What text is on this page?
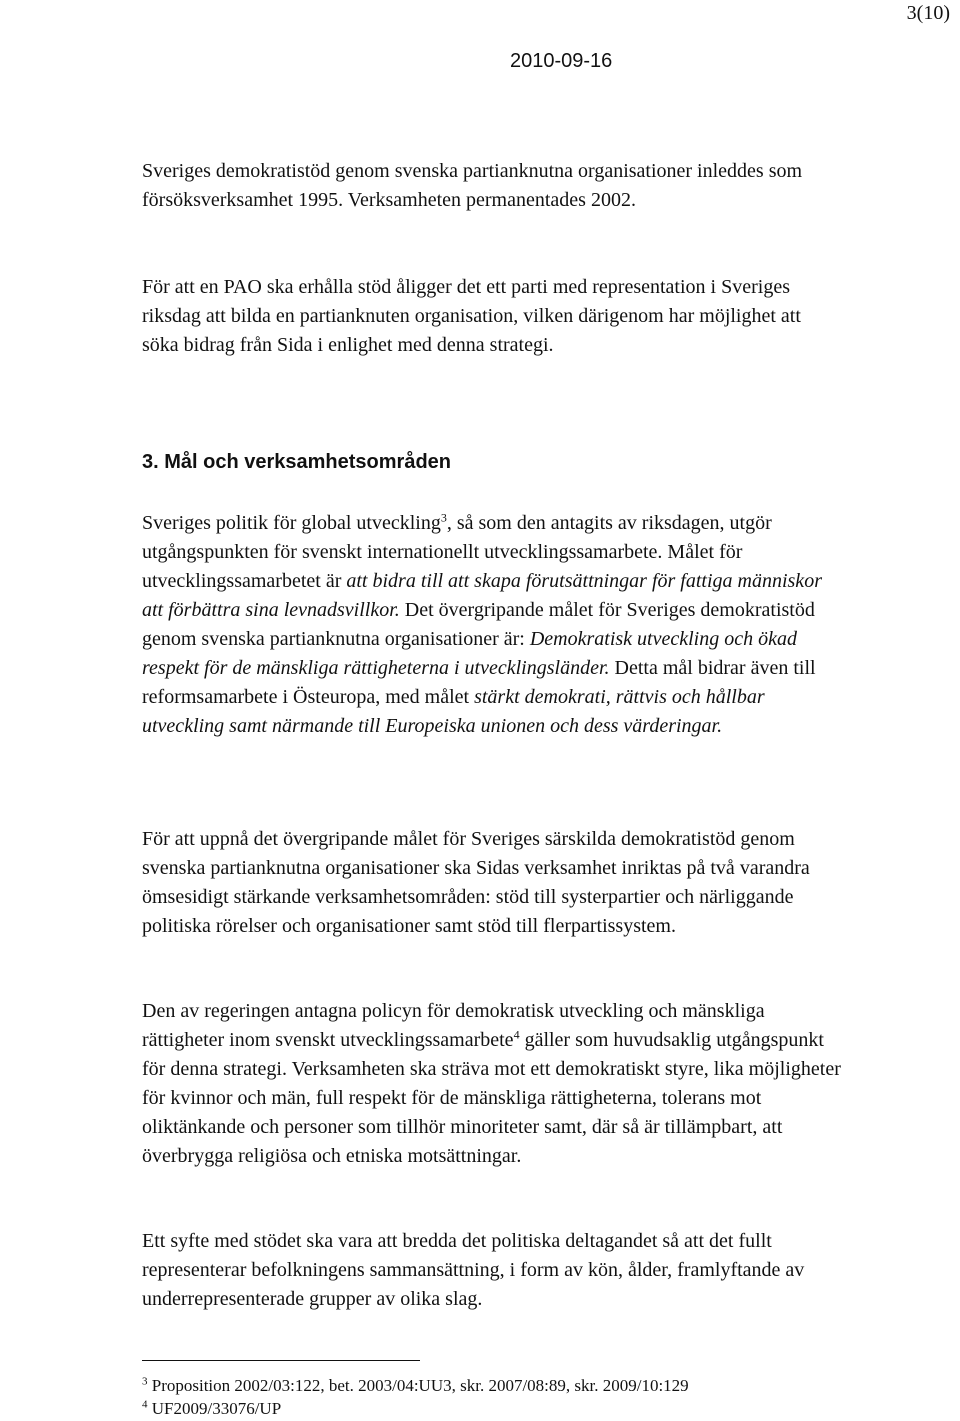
3(10)
2010-09-16

Sveriges demokratistöd genom svenska partianknutna organisationer inleddes som försöksverksamhet 1995. Verksamheten permanentades 2002.

För att en PAO ska erhålla stöd åligger det ett parti med representation i Sveriges riksdag att bilda en partianknuten organisation, vilken därigenom har möjlighet att söka bidrag från Sida i enlighet med denna strategi.

3. Mål och verksamhetsområden

Sveriges politik för global utveckling$^3$, så som den antagits av riksdagen, utgör utgångspunkten för svenskt internationellt utvecklingssamarbete. Målet för utvecklingssamarbetet är att bidra till att skapa förutsättningar för fattiga människor att förbättra sina levnadsvillkor. Det övergripande målet för Sveriges demokratistöd genom svenska partianknutna organisationer är: Demokratisk utveckling och ökad respekt för de mänskliga rättigheterna i utvecklingsländer. Detta mål bidrar även till reformsamarbete i Östeuropa, med målet stärkt demokrati, rättvis och hållbar utveckling samt närmande till Europeiska unionen och dess värderingar.

För att uppnå det övergripande målet för Sveriges särskilda demokratistöd genom svenska partianknutna organisationer ska Sidas verksamhet inriktas på två varandra ömsesidigt stärkande verksamhetsområden: stöd till systerpartier och närliggande politiska rörelser och organisationer samt stöd till flerpartissystem.

Den av regeringen antagna policyn för demokratisk utveckling och mänskliga rättigheter inom svenskt utvecklingssamarbete$^4$ gäller som huvudsaklig utgångspunkt för denna strategi. Verksamheten ska sträva mot ett demokratiskt styre, lika möjligheter för kvinnor och män, full respekt för de mänskliga rättigheterna, tolerans mot oliktänkande och personer som tillhör minoriteter samt, där så är tillämpbart, att överbrygga religiösa och etniska motsättningar.

Ett syfte med stödet ska vara att bredda det politiska deltagandet så att det fullt representerar befolkningens sammansättning, i form av kön, ålder, framlyftande av underrepresenterade grupper av olika slag.

$^3$ Proposition 2002/03:122, bet. 2003/04:UU3, skr. 2007/08:89, skr. 2009/10:129
$^4$ UF2009/33076/UP
